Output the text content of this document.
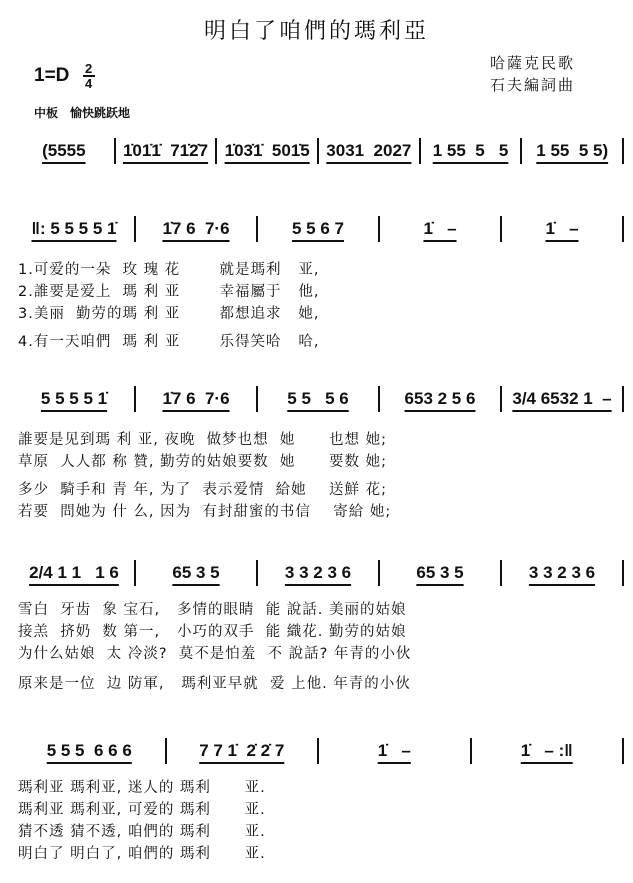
明白了咱們的瑪利亞
$1=D \frac{2}{4}$	哈薩克民歌
石夫編詞曲
中板　愉快跳跃地
(5555	1̇01̇1̇  71̇2̇7 1̇03̇1̇  501̇5 3031  2027	1 55  5   5	1 55  5 5)
‖: 5 5 5 5 1̇	1̇7 6  7·6	5 5 6 7	1̇   –	1̇   –
1.可爱的一朵  玫 瑰 花       就是瑪利   亚,
2.誰要是爱上  瑪 利 亚       幸福屬于   他,
3.美丽  勤劳的瑪 利 亚       都想追求   她,
4.有一天咱們  瑪 利 亚       乐得笑哈   哈,
5 5 5 5 1̇	1̇7 6  7·6	5 5   5 6	653 2 5 6	3/4 6532 1  –
誰要是见到瑪 利 亚, 夜晚  做梦也想  她      也想 她;
草原  人人都 称 贊, 勤劳的姑娘要数  她      要数 她;
多少  騎手和 青 年, 为了  表示爱情  給她    送鮮 花;
若要  問她为 什 么, 因为  有封甜蜜的书信    寄給 她;
2/4 1 1   1 6	65 3 5	3 3 2 3 6	65 3 5	3 3 2 3 6
雪白  牙齿  象 宝石,   多情的眼睛  能 說話. 美丽的姑娘
接羔  挤奶  数 第一,   小巧的双手  能 織花. 勤劳的姑娘
为什么姑娘  太 冷淡?  莫不是怕羞  不 說話? 年青的小伙
原来是一位  边 防軍,   瑪利亚早就  爱 上他. 年青的小伙
5 5 5  6 6 6	7 7 1̇  2̇ 2̇ 7	1̇   –	1̇   – :‖
瑪利亚 瑪利亚, 迷人的 瑪利      亚.
瑪利亚 瑪利亚, 可爱的 瑪利      亚.
猜不透 猜不透, 咱們的 瑪利      亚.
明白了 明白了, 咱們的 瑪利      亚.
